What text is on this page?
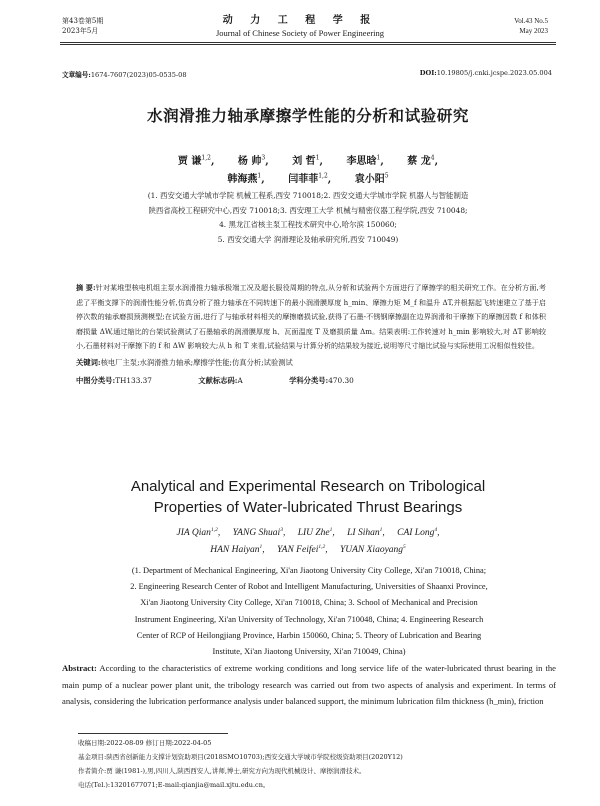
第43卷第5期
2023年5月
动 力 工 程 学 报
Journal of Chinese Society of Power Engineering
Vol.43 No.5
May 2023
文章编号:1674-7607(2023)05-0535-08	DOI:10.19805/j.cnki.jcspe.2023.05.004
水润滑推力轴承摩擦学性能的分析和试验研究
贾 谦$^{1,2}$, 杨 帅$^3$, 刘 哲$^1$, 李思晗$^1$, 蔡 龙$^4$,
韩海燕$^1$, 闫菲菲$^{1,2}$, 袁小阳$^5$
(1. 西安交通大学城市学院 机械工程系,西安 710018;2. 西安交通大学城市学院 机器人与智能制造
陕西省高校工程研究中心,西安 710018;3. 西安理工大学 机械与精密仪器工程学院,西安 710048;
4. 黑龙江省核主泵工程技术研究中心,哈尔滨 150060;
5. 西安交通大学 润滑理论及轴承研究所,西安 710049)
摘 要:针对某堆型核电机组主泵水润滑推力轴承极端工况及超长服役周期的特点,从分析和试验两个方面进行了摩擦学的相关研究工作。在分析方面,考虑了平衡支撑下的润滑性能分析,仿真分析了推力轴承在不同转速下的最小润滑膜厚度 h_min、摩擦力矩 M_f 和温升 ΔT,并根据起飞转速建立了基于启停次数的轴承磨损预测模型;在试验方面,进行了与轴承材料相关的摩擦磨损试验,获得了石墨-不锈钢摩擦副在边界润滑和干摩擦下的摩擦因数 f 和体积磨损量 ΔW,通过缩比的台架试验测试了石墨轴承的润滑膜厚度 h、瓦面温度 T 及磨损质量 Δm。结果表明:工作转速对 h_min 影响较大,对 ΔT 影响较小,石墨材料对干摩擦下的 f 和 ΔW 影响较大;从 h 和 T 来看,试验结果与计算分析的结果较为接近,说明等尺寸缩比试验与实际使用工况相似性较佳。
关键词:核电厂主泵;水润滑推力轴承;摩擦学性能;仿真分析;试验测试
中图分类号:TH133.37	文献标志码:A	学科分类号:470.30
Analytical and Experimental Research on Tribological
Properties of Water-lubricated Thrust Bearings
JIA Qian$^{1,2}$, YANG Shuai$^3$, LIU Zhe$^1$, LI Sihan$^1$, CAI Long$^4$,
HAN Haiyan$^1$, YAN Feifei$^{1,2}$, YUAN Xiaoyang$^5$
(1. Department of Mechanical Engineering, Xi'an Jiaotong University City College, Xi'an 710018, China;
2. Engineering Research Center of Robot and Intelligent Manufacturing, Universities of Shaanxi Province,
Xi'an Jiaotong University City College, Xi'an 710018, China; 3. School of Mechanical and Precision
Instrument Engineering, Xi'an University of Technology, Xi'an 710048, China; 4. Engineering Research
Center of RCP of Heilongjiang Province, Harbin 150060, China; 5. Theory of Lubrication and Bearing
Institute, Xi'an Jiaotong University, Xi'an 710049, China)
Abstract: According to the characteristics of extreme working conditions and long service life of the water-lubricated thrust bearing in the main pump of a nuclear power plant unit, the tribology research was carried out from two aspects of analysis and experiment. In terms of analysis, considering the lubrication performance analysis under balanced support, the minimum lubrication film thickness (h_min), friction
收稿日期:2022-08-09 修订日期:2022-04-05
基金项目:陕西省创新能力支撑计划资助项目(2018SMO10703);西安交通大学城市学院校级资助项目(2020Y12)
作者简介:贾 谦(1981-),男,四川人,陕西西安人,讲师,博士,研究方向为现代机械设计、摩擦润滑技术。
电话(Tel.):13201677071;E-mail:qianjia@mail.xjtu.edu.cn。
